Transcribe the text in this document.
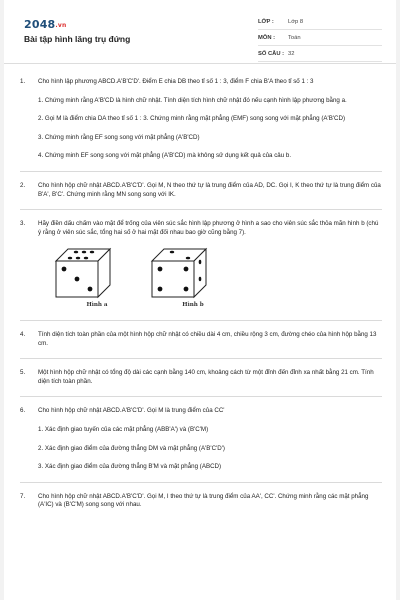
2048.vn
Bài tập hình lăng trụ đứng
LỚP :	Lớp 8
MÔN :	Toán
SỐ CÂU : 32
1.	Cho hình lập phương ABCD.A'B'C'D'. Điểm E chia DB theo tỉ số 1 : 3, điểm F chia B'A theo tỉ số 1 : 3

1. Chứng minh rằng A'B'CD là hình chữ nhật. Tính diện tích hình chữ nhật đó nếu cạnh hình lập phương bằng a.

2. Gọi M là điểm chia DA theo tỉ số 1 : 3. Chứng minh rằng mặt phẳng (EMF) song song với mặt phẳng (A'B'CD)

3. Chứng minh rằng EF song song với mặt phẳng (A'B'CD)

4. Chứng minh EF song song với mặt phẳng (A'B'CD) mà không sử dụng kết quả của câu b.

2.	Cho hình hộp chữ nhật ABCD.A'B'C'D'. Gọi M, N theo thứ tự là trung điểm của AD, DC. Gọi I, K theo thứ tự là trung điểm của B'A', B'C'. Chứng minh rằng MN song song với IK.

3.	Hãy điền dấu chấm vào mặt để trống của viên súc sắc hình lập phương ở hình a sao cho viên súc sắc thỏa mãn hình b (chú ý rằng ở viên súc sắc, tổng hai số ở hai mặt đối nhau bao giờ cũng bằng 7).

Hình a	Hình b
4.	Tính diện tích toàn phần của một hình hộp chữ nhật có chiều dài 4 cm, chiều rộng 3 cm, đường chéo của hình hộp bằng 13 cm.

5.	Một hình hộp chữ nhật có tổng độ dài các cạnh bằng 140 cm, khoảng cách từ một đỉnh đến đỉnh xa nhất bằng 21 cm. Tính diện tích toàn phần.

6.	Cho hình hộp chữ nhật ABCD.A'B'C'D'. Gọi M là trung điểm của CC'

1. Xác định giao tuyến của các mặt phẳng (ABB'A') và (B'C'M)

2. Xác định giao điểm của đường thẳng DM và mặt phẳng (A'B'C'D')

3. Xác định giao điểm của đường thẳng B'M và mặt phẳng (ABCD)

7.	Cho hình hộp chữ nhật ABCD.A'B'C'D'. Gọi M, I theo thứ tự là trung điểm của AA', CC'. Chứng minh rằng các mặt phẳng (A'IC) và (B'C'M) song song với nhau.
